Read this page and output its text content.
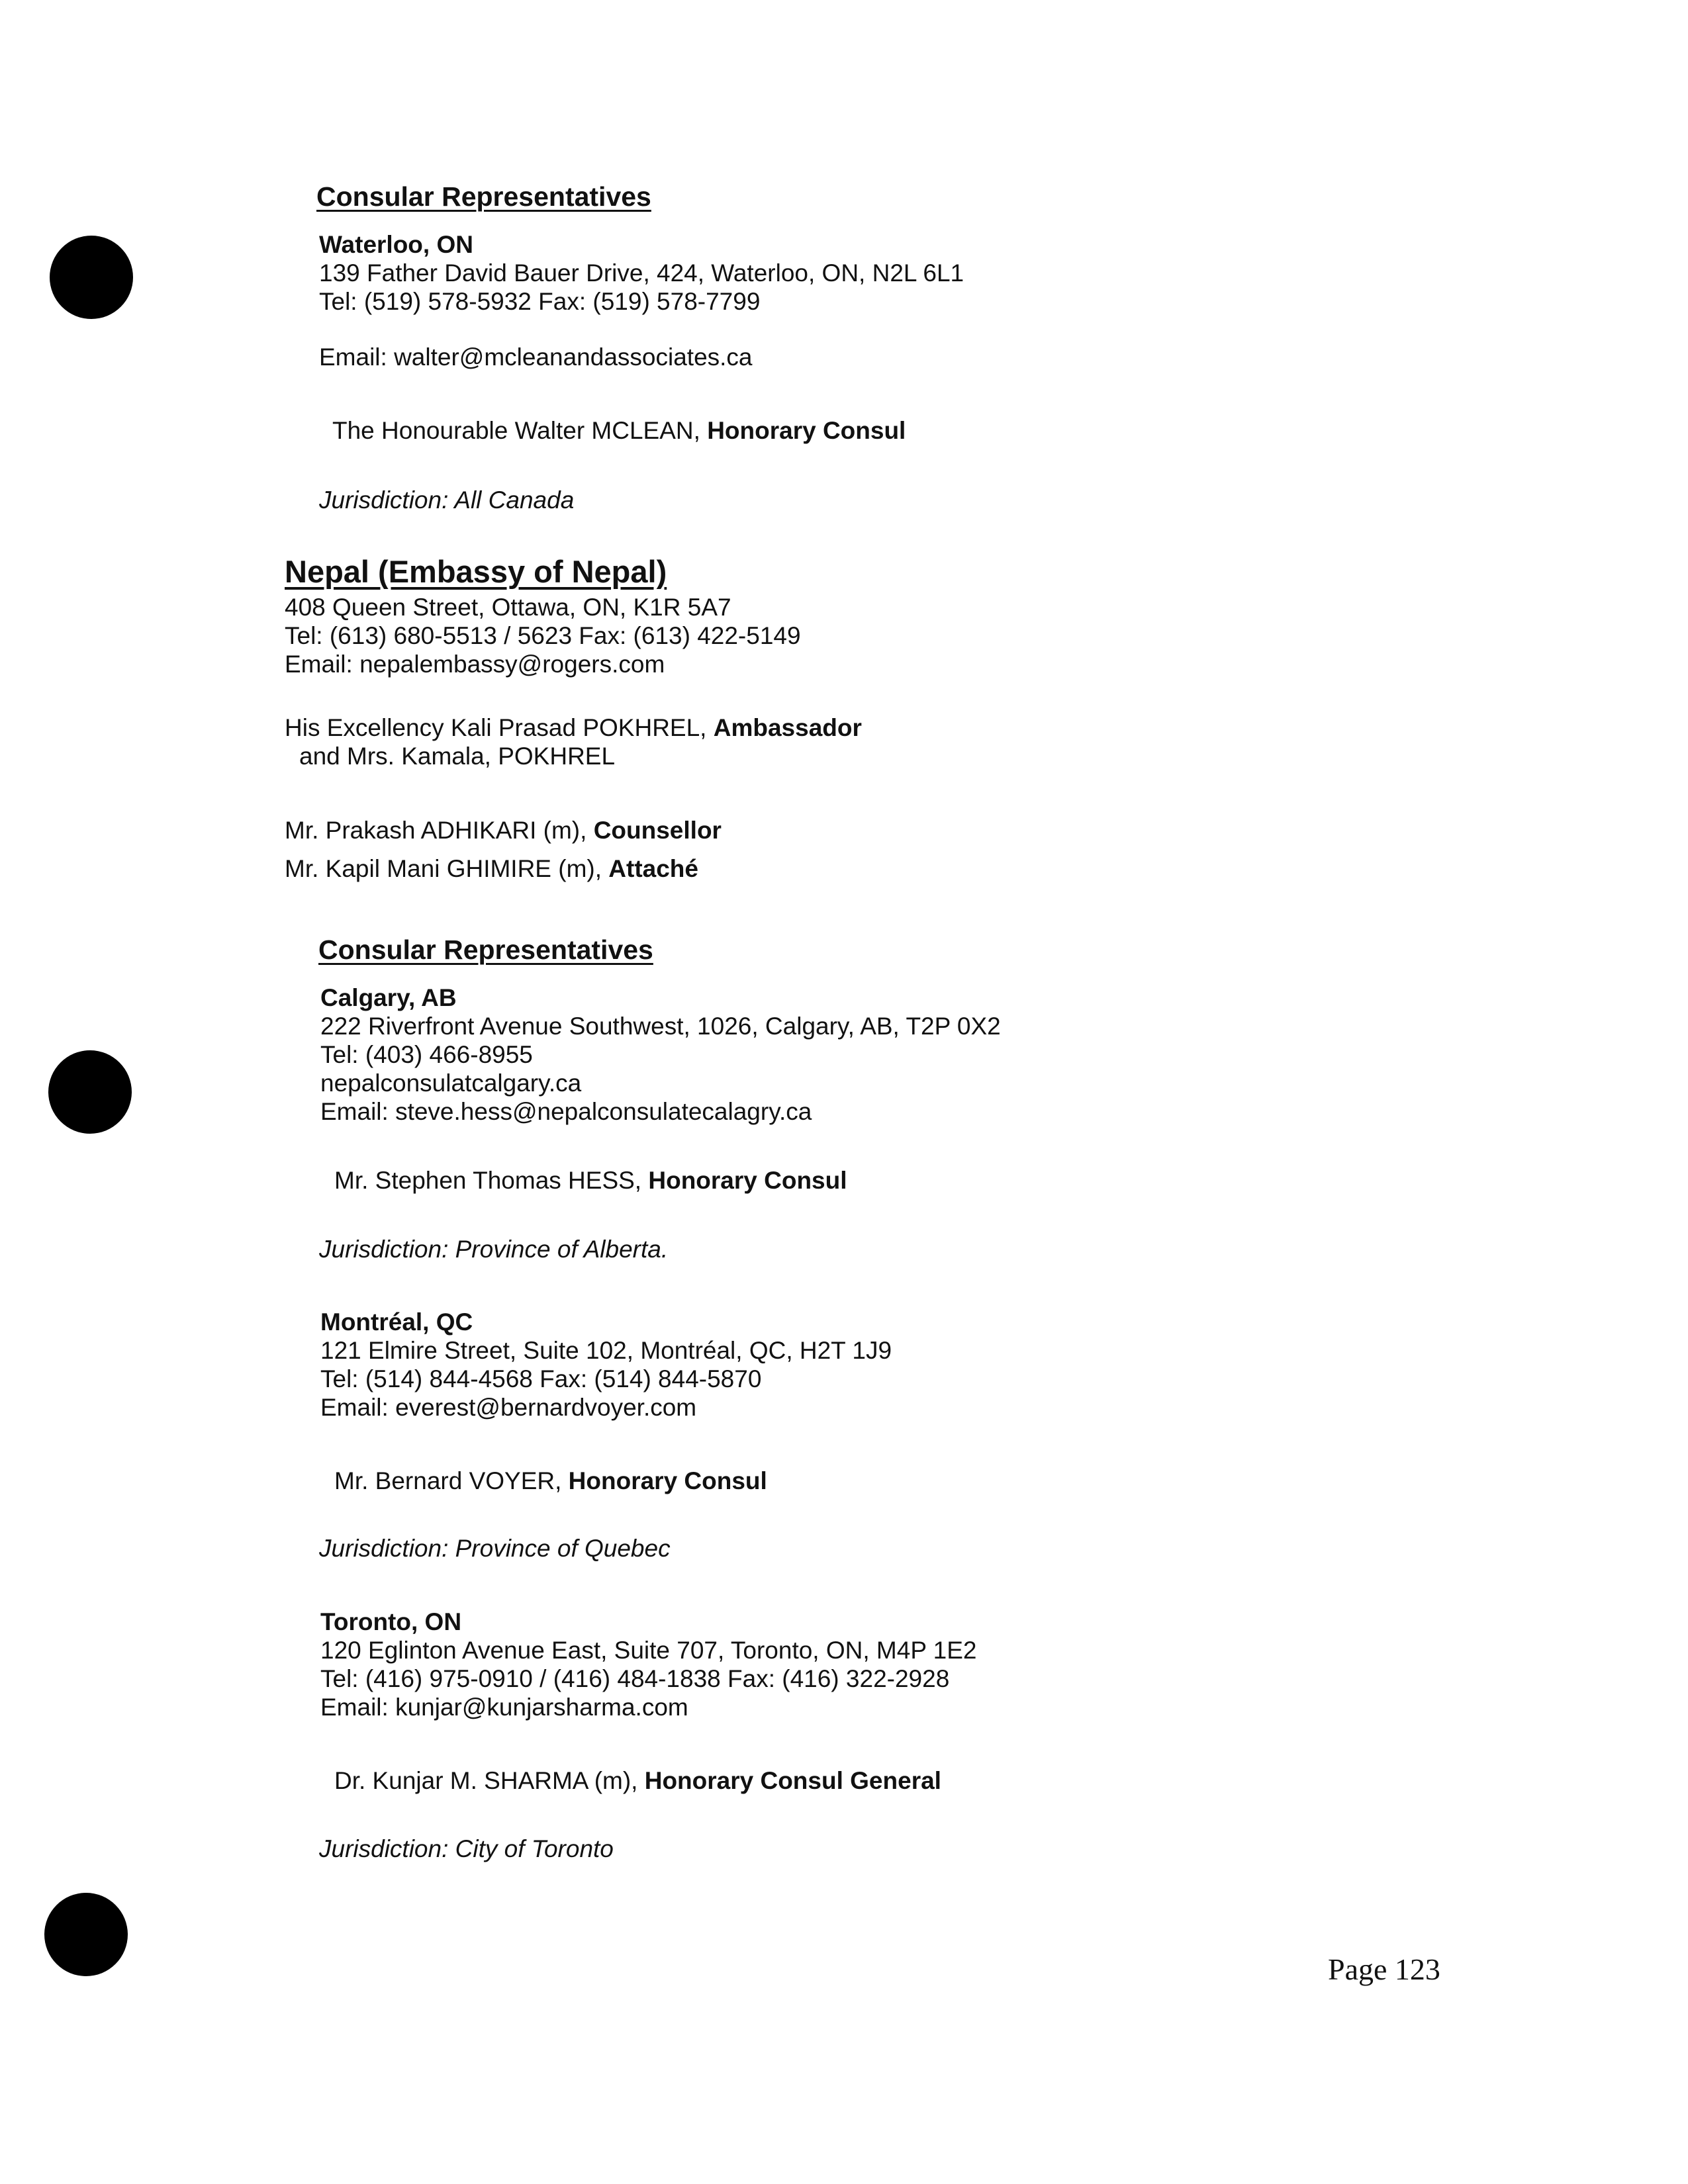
Consular Representatives
Waterloo, ON
139 Father David Bauer Drive, 424, Waterloo, ON, N2L 6L1
Tel: (519) 578-5932 Fax: (519) 578-7799
Email: walter@mcleanandassociates.ca
The Honourable Walter MCLEAN, Honorary Consul
Jurisdiction: All Canada
Nepal (Embassy of Nepal)
408 Queen Street, Ottawa, ON, K1R 5A7
Tel: (613) 680-5513 / 5623 Fax: (613) 422-5149
Email: nepalembassy@rogers.com
His Excellency Kali Prasad POKHREL, Ambassador
and Mrs. Kamala, POKHREL
Mr. Prakash ADHIKARI (m), Counsellor
Mr. Kapil Mani GHIMIRE (m), Attaché
Consular Representatives
Calgary, AB
222 Riverfront Avenue Southwest, 1026, Calgary, AB, T2P 0X2
Tel: (403) 466-8955
nepalconsulatcalgary.ca
Email: steve.hess@nepalconsulatecalagry.ca
Mr. Stephen Thomas HESS, Honorary Consul
Jurisdiction: Province of Alberta.
Montréal, QC
121 Elmire Street, Suite 102, Montréal, QC, H2T 1J9
Tel: (514) 844-4568 Fax: (514) 844-5870
Email: everest@bernardvoyer.com
Mr. Bernard VOYER, Honorary Consul
Jurisdiction: Province of Quebec
Toronto, ON
120 Eglinton Avenue East, Suite 707, Toronto, ON, M4P 1E2
Tel: (416) 975-0910 / (416) 484-1838 Fax: (416) 322-2928
Email: kunjar@kunjarsharma.com
Dr. Kunjar M. SHARMA (m), Honorary Consul General
Jurisdiction: City of Toronto
Page 123
